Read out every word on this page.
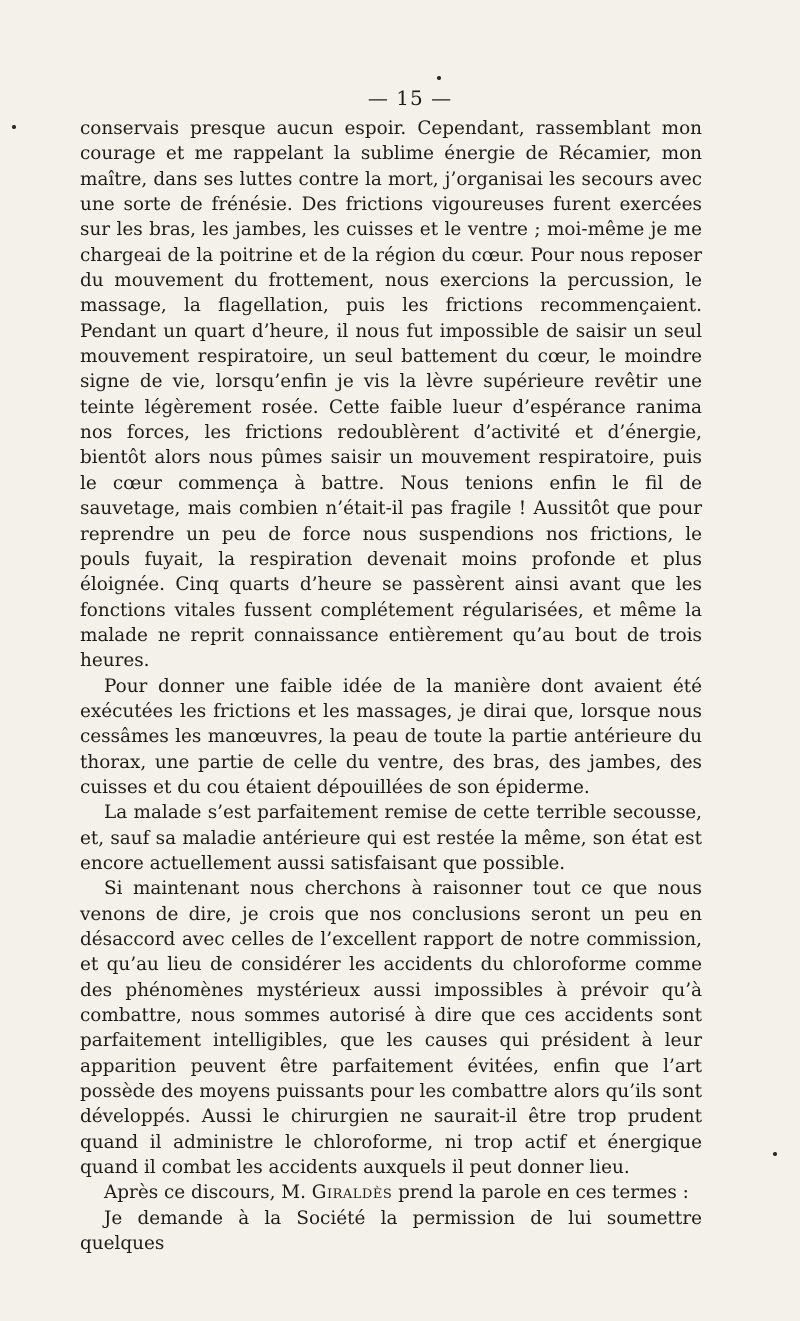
— 15 —

conservais presque aucun espoir. Cependant, rassemblant mon courage et me rappelant la sublime énergie de Récamier, mon maître, dans ses luttes contre la mort, j’organisai les secours avec une sorte de frénésie. Des frictions vigoureuses furent exercées sur les bras, les jambes, les cuisses et le ventre ; moi-même je me chargeai de la poitrine et de la région du cœur. Pour nous reposer du mouvement du frottement, nous exercions la percussion, le massage, la flagellation, puis les frictions recommençaient. Pendant un quart d’heure, il nous fut impossible de saisir un seul mouvement respiratoire, un seul battement du cœur, le moindre signe de vie, lorsqu’enfin je vis la lèvre supérieure revêtir une teinte légèrement rosée. Cette faible lueur d’espérance ranima nos forces, les frictions redoublèrent d’activité et d’énergie, bientôt alors nous pûmes saisir un mouvement respiratoire, puis le cœur commença à battre. Nous tenions enfin le fil de sauvetage, mais combien n’était-il pas fragile ! Aussitôt que pour reprendre un peu de force nous suspendions nos frictions, le pouls fuyait, la respiration devenait moins profonde et plus éloignée. Cinq quarts d’heure se passèrent ainsi avant que les fonctions vitales fussent complétement régularisées, et même la malade ne reprit connaissance entièrement qu’au bout de trois heures.

Pour donner une faible idée de la manière dont avaient été exécutées les frictions et les massages, je dirai que, lorsque nous cessâmes les manœuvres, la peau de toute la partie antérieure du thorax, une partie de celle du ventre, des bras, des jambes, des cuisses et du cou étaient dépouillées de son épiderme.

La malade s’est parfaitement remise de cette terrible secousse, et, sauf sa maladie antérieure qui est restée la même, son état est encore actuellement aussi satisfaisant que possible.

Si maintenant nous cherchons à raisonner tout ce que nous venons de dire, je crois que nos conclusions seront un peu en désaccord avec celles de l’excellent rapport de notre commission, et qu’au lieu de considérer les accidents du chloroforme comme des phénomènes mystérieux aussi impossibles à prévoir qu’à combattre, nous sommes autorisé à dire que ces accidents sont parfaitement intelligibles, que les causes qui président à leur apparition peuvent être parfaitement évitées, enfin que l’art possède des moyens puissants pour les combattre alors qu’ils sont développés. Aussi le chirurgien ne saurait-il être trop prudent quand il administre le chloroforme, ni trop actif et énergique quand il combat les accidents auxquels il peut donner lieu.

Après ce discours, M. Giraldès prend la parole en ces termes :

Je demande à la Société la permission de lui soumettre quelques
